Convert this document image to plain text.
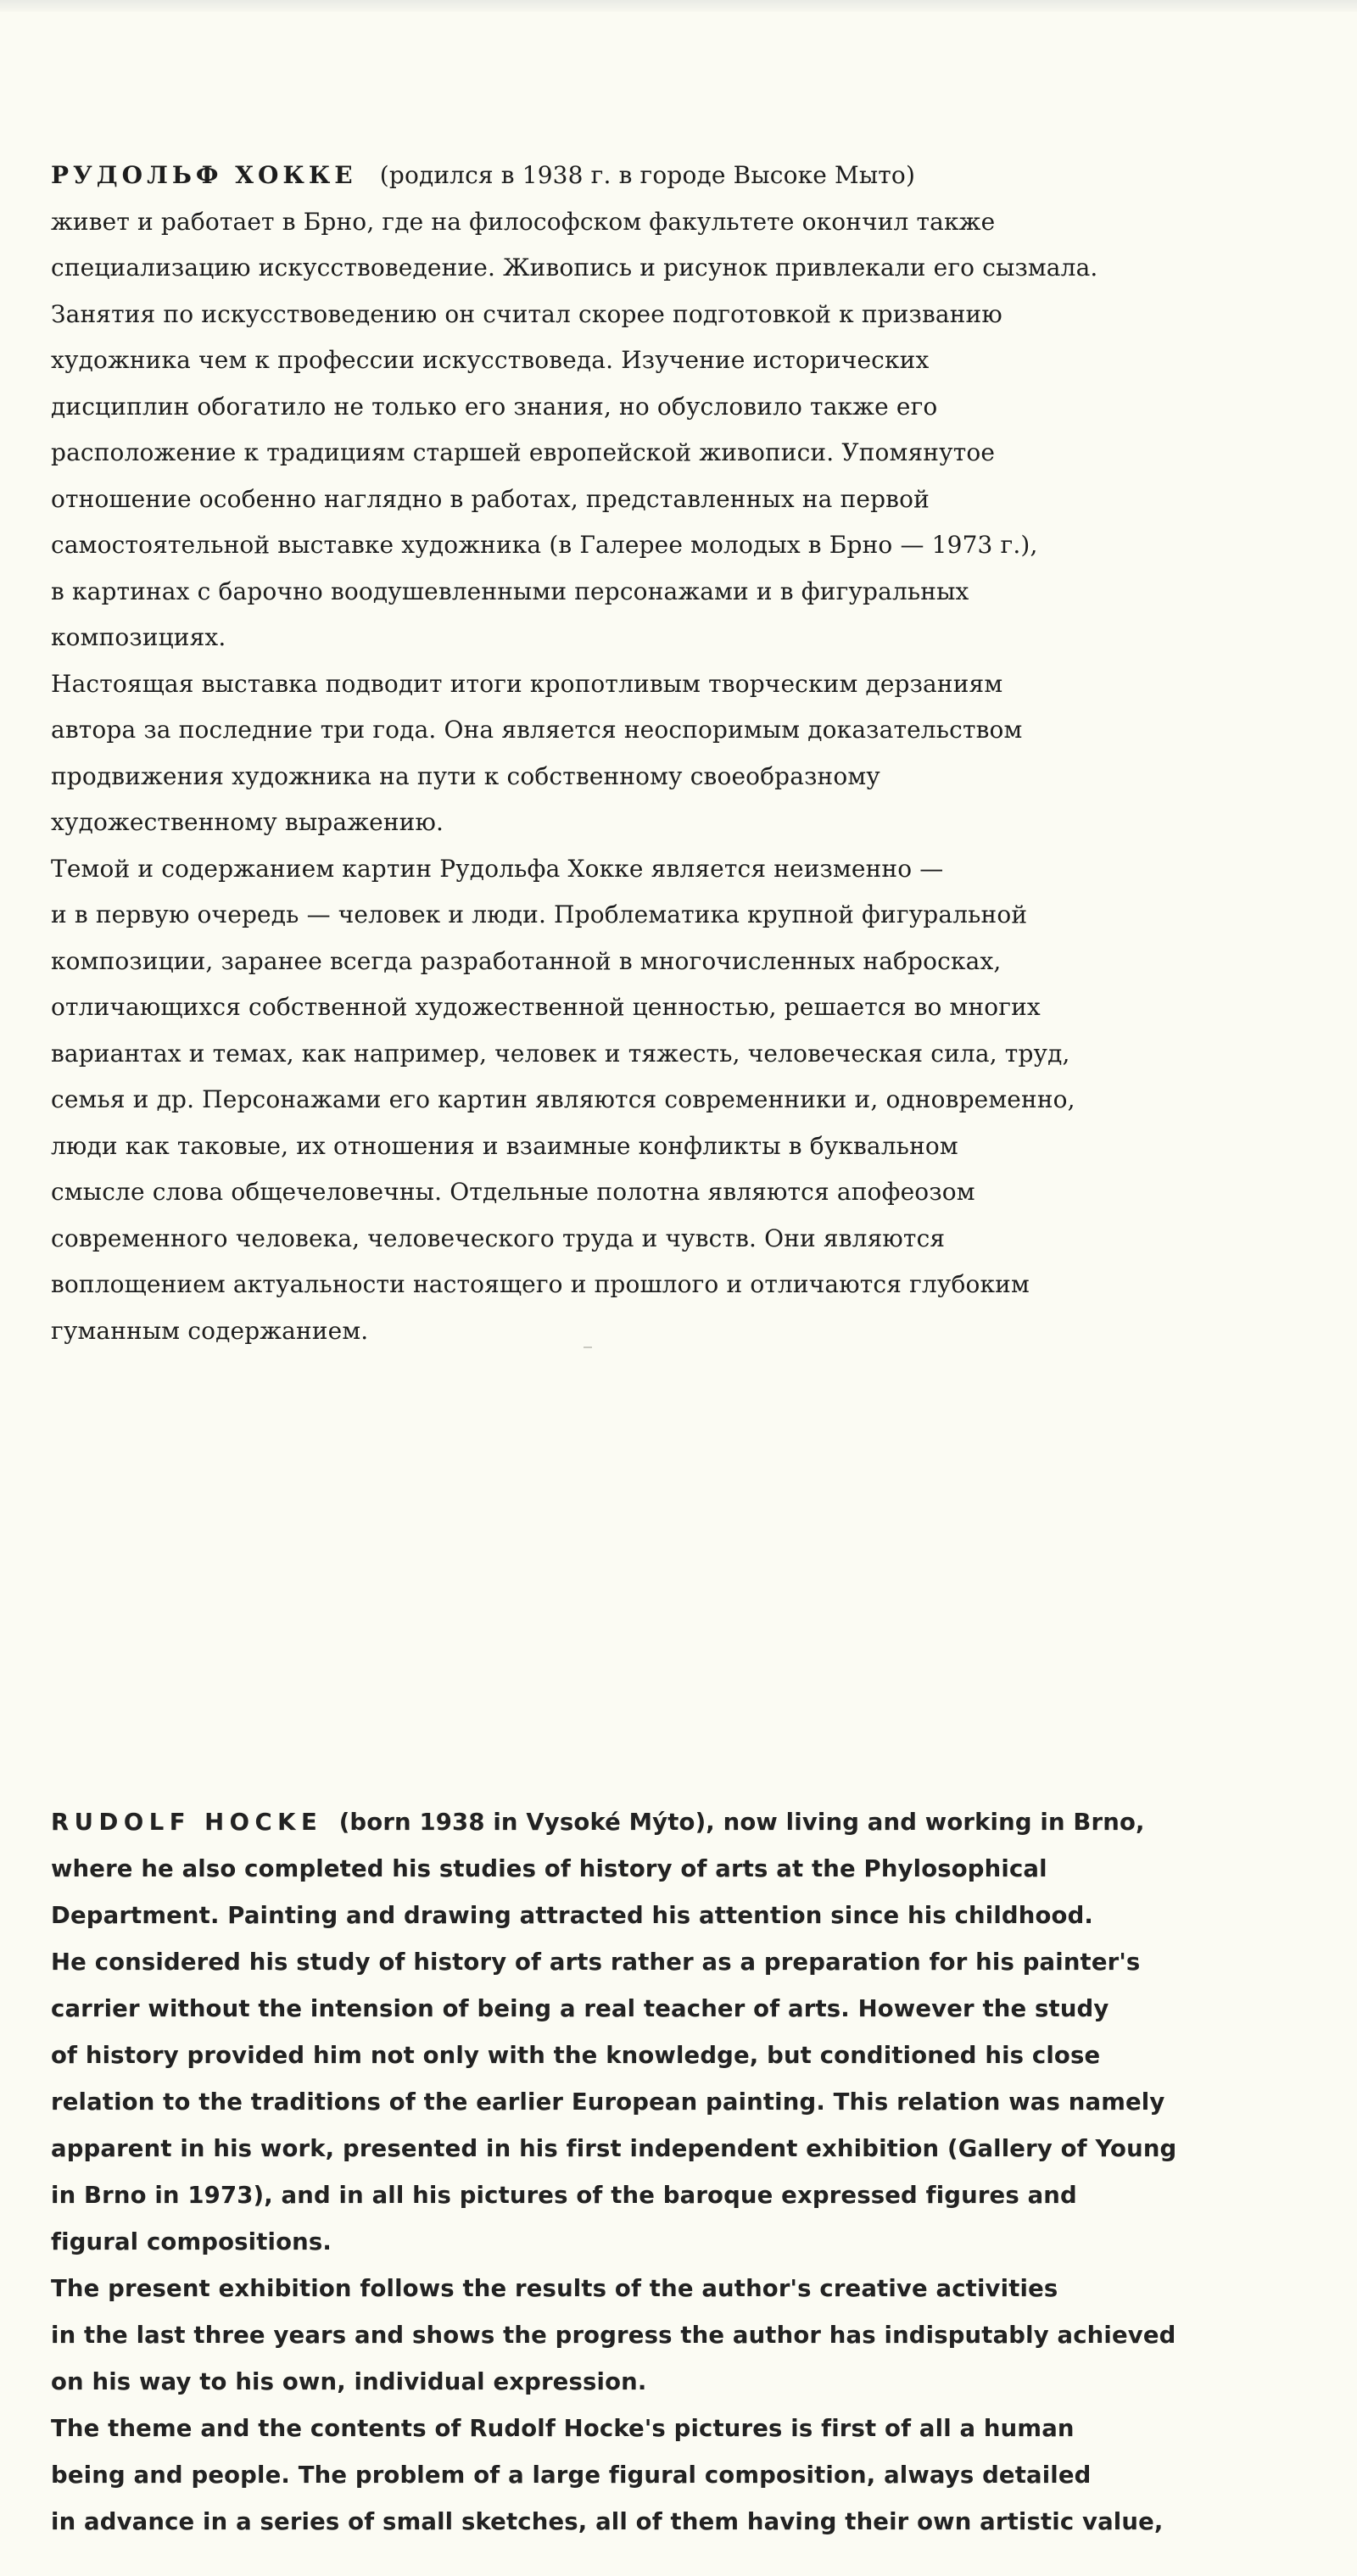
РУДОЛЬФ ХОККЕ (родился в 1938 г. в городе Высоке Мыто)
живет и работает в Брно, где на философском факультете окончил также
специализацию искусствоведение. Живопись и рисунок привлекали его сызмала.
Занятия по искусствоведению он считал скорее подготовкой к призванию
художника чем к профессии искусствоведа. Изучение исторических
дисциплин обогатило не только его знания, но обусловило также его
расположение к традициям старшей европейской живописи. Упомянутое
отношение особенно наглядно в работах, представленных на первой
самостоятельной выставке художника (в Галерее молодых в Брно — 1973 г.),
в картинах с барочно воодушевленными персонажами и в фигуральных
композициях.
Настоящая выставка подводит итоги кропотливым творческим дерзаниям
автора за последние три года. Она является неоспоримым доказательством
продвижения художника на пути к собственному своеобразному
художественному выражению.
Темой и содержанием картин Рудольфа Хокке является неизменно —
и в первую очередь — человек и люди. Проблематика крупной фигуральной
композиции, заранее всегда разработанной в многочисленных набросках,
отличающихся собственной художественной ценностью, решается во многих
вариантах и темах, как например, человек и тяжесть, человеческая сила, труд,
семья и др. Персонажами его картин являются современники и, одновременно,
люди как таковые, их отношения и взаимные конфликты в буквальном
смысле слова общечеловечны. Отдельные полотна являются апофеозом
современного человека, человеческого труда и чувств. Они являются
воплощением актуальности настоящего и прошлого и отличаются глубоким
гуманным содержанием.
RUDOLF HOCKE (born 1938 in Vysoké Mýto), now living and working in Brno,
where he also completed his studies of history of arts at the Phylosophical
Department. Painting and drawing attracted his attention since his childhood.
He considered his study of history of arts rather as a preparation for his painter's
carrier without the intension of being a real teacher of arts. However the study
of history provided him not only with the knowledge, but conditioned his close
relation to the traditions of the earlier European painting. This relation was namely
apparent in his work, presented in his first independent exhibition (Gallery of Young
in Brno in 1973), and in all his pictures of the baroque expressed figures and
figural compositions.
The present exhibition follows the results of the author's creative activities
in the last three years and shows the progress the author has indisputably achieved
on his way to his own, individual expression.
The theme and the contents of Rudolf Hocke's pictures is first of all a human
being and people. The problem of a large figural composition, always detailed
in advance in a series of small sketches, all of them having their own artistic value,
